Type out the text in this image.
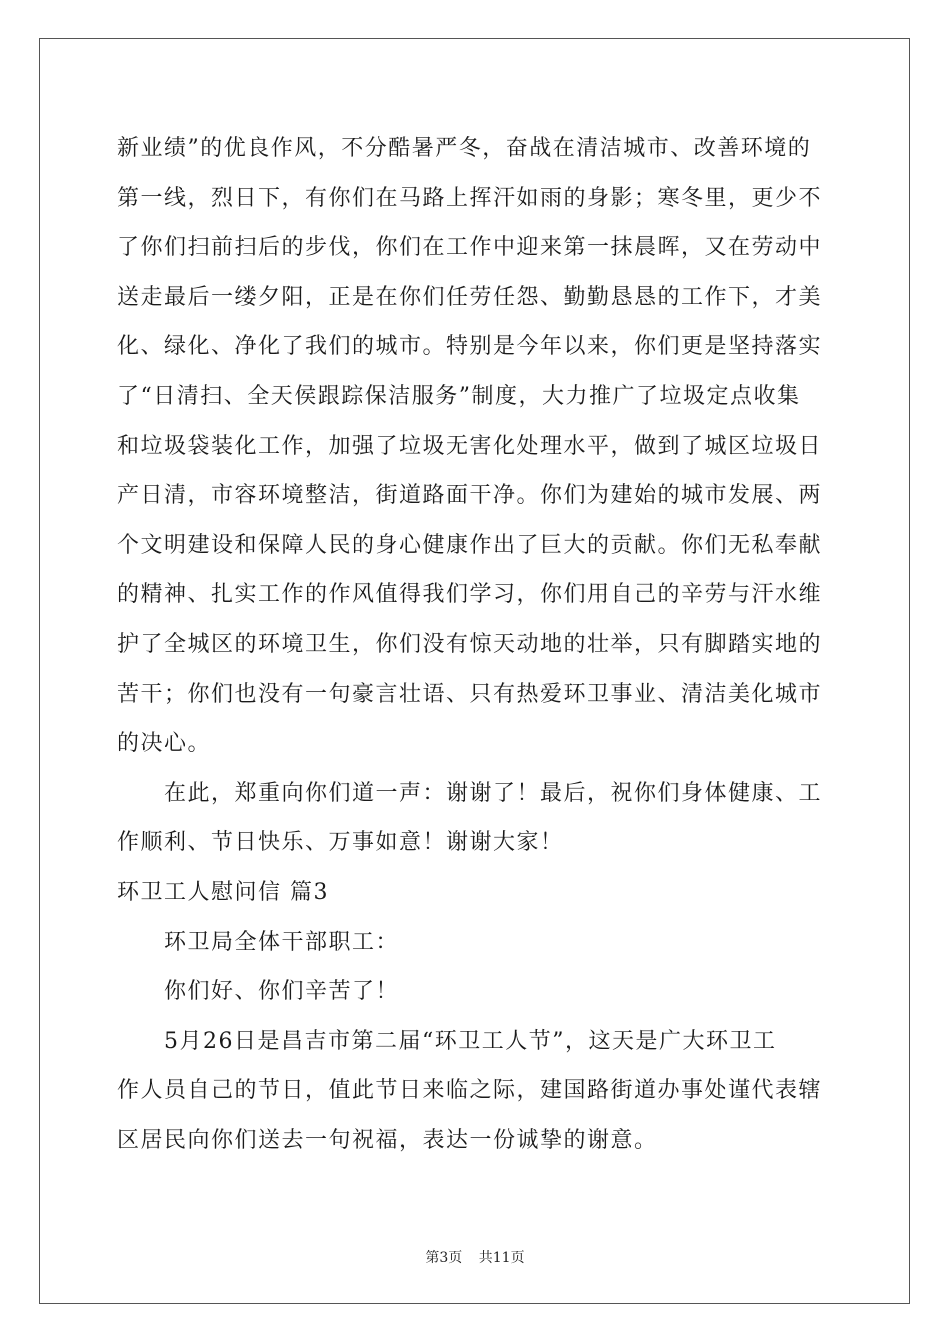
新业绩”的优良作风，不分酷暑严冬，奋战在清洁城市、改善环境的
第一线，烈日下，有你们在马路上挥汗如雨的身影；寒冬里，更少不
了你们扫前扫后的步伐，你们在工作中迎来第一抹晨晖，又在劳动中
送走最后一缕夕阳，正是在你们任劳任怨、勤勤恳恳的工作下，才美
化、绿化、净化了我们的城市。特别是今年以来，你们更是坚持落实
了“日清扫、全天侯跟踪保洁服务”制度，大力推广了垃圾定点收集
和垃圾袋装化工作，加强了垃圾无害化处理水平，做到了城区垃圾日
产日清，市容环境整洁，街道路面干净。你们为建始的城市发展、两
个文明建设和保障人民的身心健康作出了巨大的贡献。你们无私奉献
的精神、扎实工作的作风值得我们学习，你们用自己的辛劳与汗水维
护了全城区的环境卫生，你们没有惊天动地的壮举，只有脚踏实地的
苦干；你们也没有一句豪言壮语、只有热爱环卫事业、清洁美化城市
的决心。
在此，郑重向你们道一声：谢谢了！最后，祝你们身体健康、工
作顺利、节日快乐、万事如意！谢谢大家！
环卫工人慰问信 篇3
环卫局全体干部职工：
你们好、你们辛苦了！
5月26日是昌吉市第二届“环卫工人节”，这天是广大环卫工
作人员自己的节日，值此节日来临之际，建国路街道办事处谨代表辖
区居民向你们送去一句祝福，表达一份诚挚的谢意。
第3页 共11页
